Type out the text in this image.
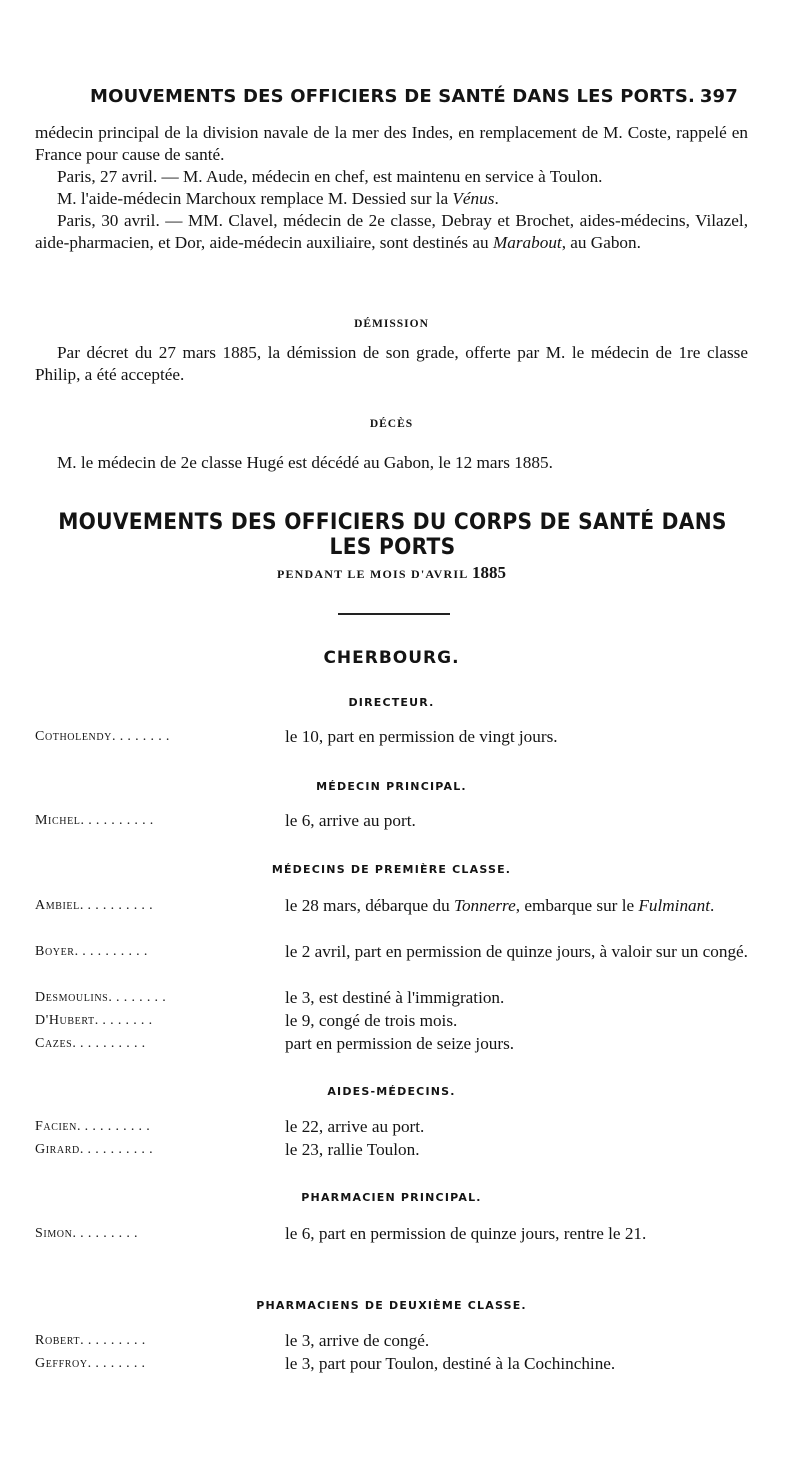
MOUVEMENTS DES OFFICIERS DE SANTÉ DANS LES PORTS. 397

médecin principal de la division navale de la mer des Indes, en remplacement de M. Coste, rappelé en France pour cause de santé.

Paris, 27 avril. — M. Aude, médecin en chef, est maintenu en service à Toulon.

M. l'aide-médecin Marchoux remplace M. Dessied sur la Vénus.

Paris, 30 avril. — MM. Clavel, médecin de 2e classe, Debray et Brochet, aides-médecins, Vilazel, aide-pharmacien, et Dor, aide-médecin auxiliaire, sont destinés au Marabout, au Gabon.

DÉMISSION

Par décret du 27 mars 1885, la démission de son grade, offerte par M. le médecin de 1re classe Philip, a été acceptée.

DÉCÈS

M. le médecin de 2e classe Hugé est décédé au Gabon, le 12 mars 1885.

MOUVEMENTS DES OFFICIERS DU CORPS DE SANTÉ DANS LES PORTS
PENDANT LE MOIS D'AVRIL 1885
CHERBOURG.
DIRECTEUR.
Cotholendy........	le 10, part en permission de vingt jours.
MÉDECIN PRINCIPAL.
Michel..........	le 6, arrive au port.
MÉDECINS DE PREMIÈRE CLASSE.
Ambiel..........	le 28 mars, débarque du Tonnerre, embarque sur le Fulminant.
Boyer..........	le 2 avril, part en permission de quinze jours, à valoir sur un congé.
Desmoulins........	le 3, est destiné à l'immigration.
D'Hubert........	le 9, congé de trois mois.
Cazes..........	part en permission de seize jours.
AIDES-MÉDECINS.
Facien..........	le 22, arrive au port.
Girard..........	le 23, rallie Toulon.
PHARMACIEN PRINCIPAL.
Simon.........	le 6, part en permission de quinze jours, rentre le 21.
PHARMACIENS DE DEUXIÈME CLASSE.
Robert.........	le 3, arrive de congé.
Geffroy........	le 3, part pour Toulon, destiné à la Cochinchine.
